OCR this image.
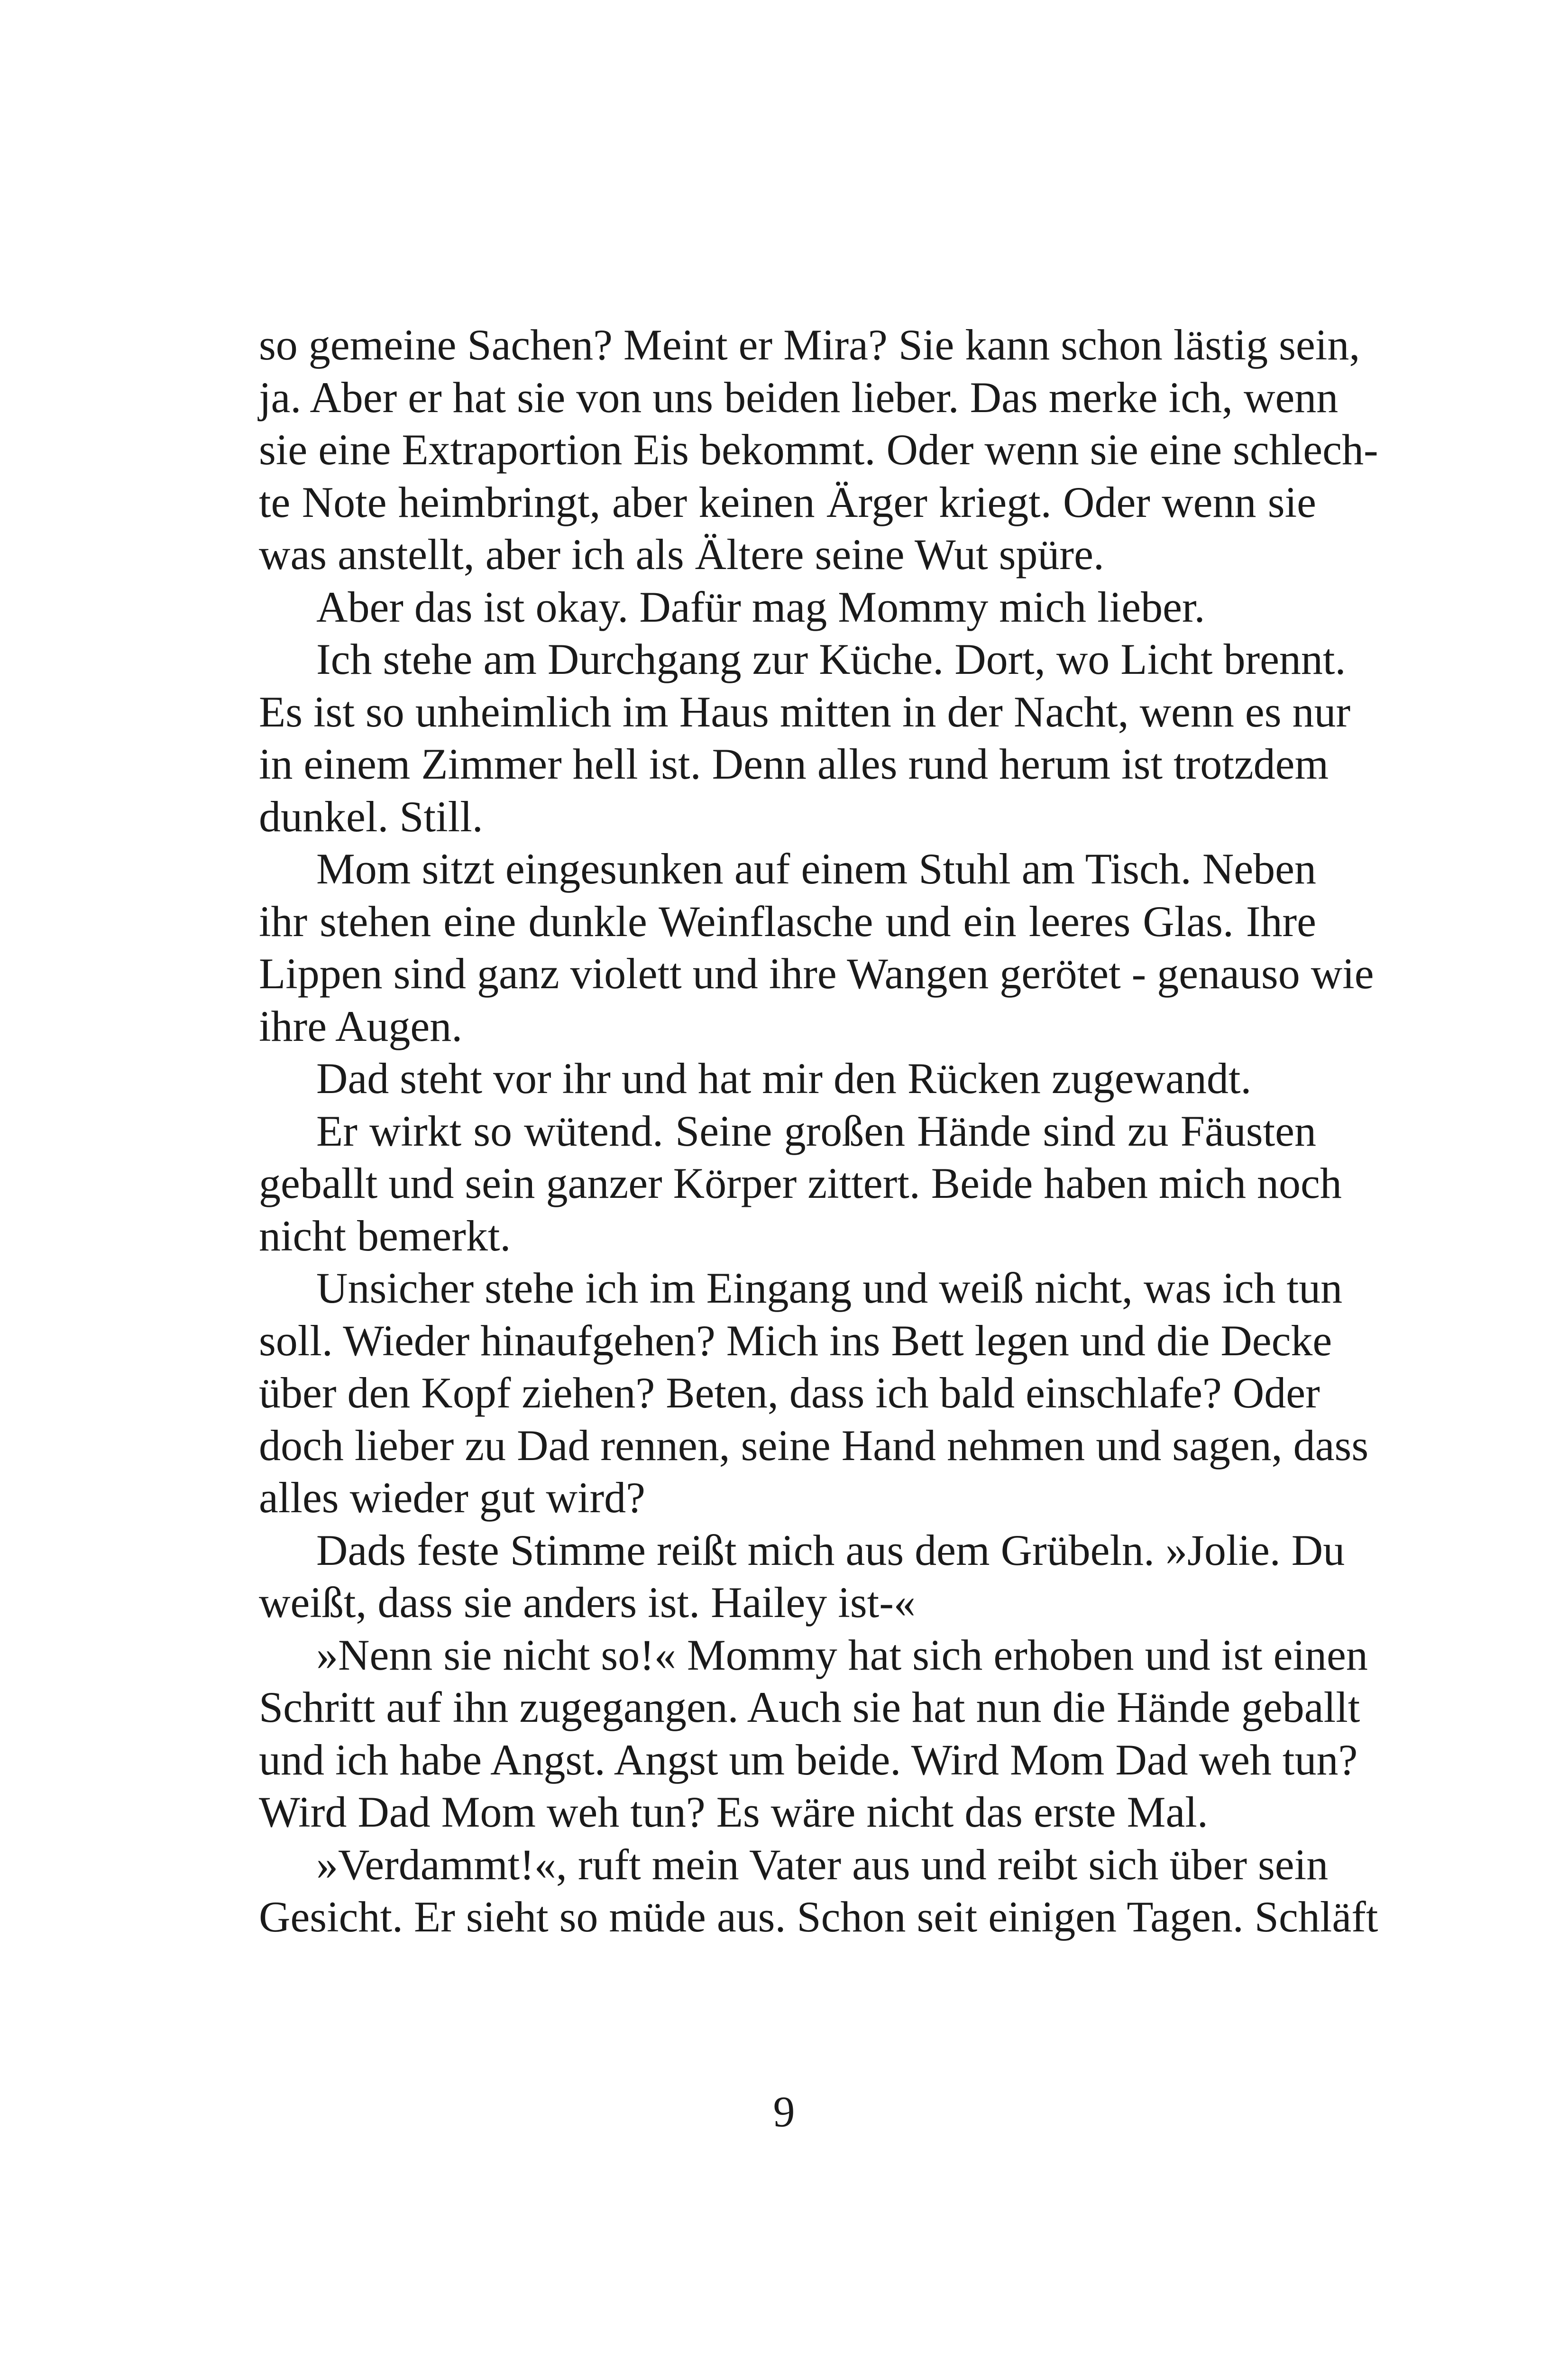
so gemeine Sachen? Meint er Mira? Sie kann schon lästig sein,
ja. Aber er hat sie von uns beiden lieber. Das merke ich, wenn
sie eine Extraportion Eis bekommt. Oder wenn sie eine schlech-
te Note heimbringt, aber keinen Ärger kriegt. Oder wenn sie
was anstellt, aber ich als Ältere seine Wut spüre.
Aber das ist okay. Dafür mag Mommy mich lieber.
Ich stehe am Durchgang zur Küche. Dort, wo Licht brennt.
Es ist so unheimlich im Haus mitten in der Nacht, wenn es nur
in einem Zimmer hell ist. Denn alles rund herum ist trotzdem
dunkel. Still.
Mom sitzt eingesunken auf einem Stuhl am Tisch. Neben
ihr stehen eine dunkle Weinflasche und ein leeres Glas. Ihre
Lippen sind ganz violett und ihre Wangen gerötet - genauso wie
ihre Augen.
Dad steht vor ihr und hat mir den Rücken zugewandt.
Er wirkt so wütend. Seine großen Hände sind zu Fäusten
geballt und sein ganzer Körper zittert. Beide haben mich noch
nicht bemerkt.
Unsicher stehe ich im Eingang und weiß nicht, was ich tun
soll. Wieder hinaufgehen? Mich ins Bett legen und die Decke
über den Kopf ziehen? Beten, dass ich bald einschlafe? Oder
doch lieber zu Dad rennen, seine Hand nehmen und sagen, dass
alles wieder gut wird?
Dads feste Stimme reißt mich aus dem Grübeln. »Jolie. Du
weißt, dass sie anders ist. Hailey ist-«
»Nenn sie nicht so!« Mommy hat sich erhoben und ist einen
Schritt auf ihn zugegangen. Auch sie hat nun die Hände geballt
und ich habe Angst. Angst um beide. Wird Mom Dad weh tun?
Wird Dad Mom weh tun? Es wäre nicht das erste Mal.
»Verdammt!«, ruft mein Vater aus und reibt sich über sein
Gesicht. Er sieht so müde aus. Schon seit einigen Tagen. Schläft
9
